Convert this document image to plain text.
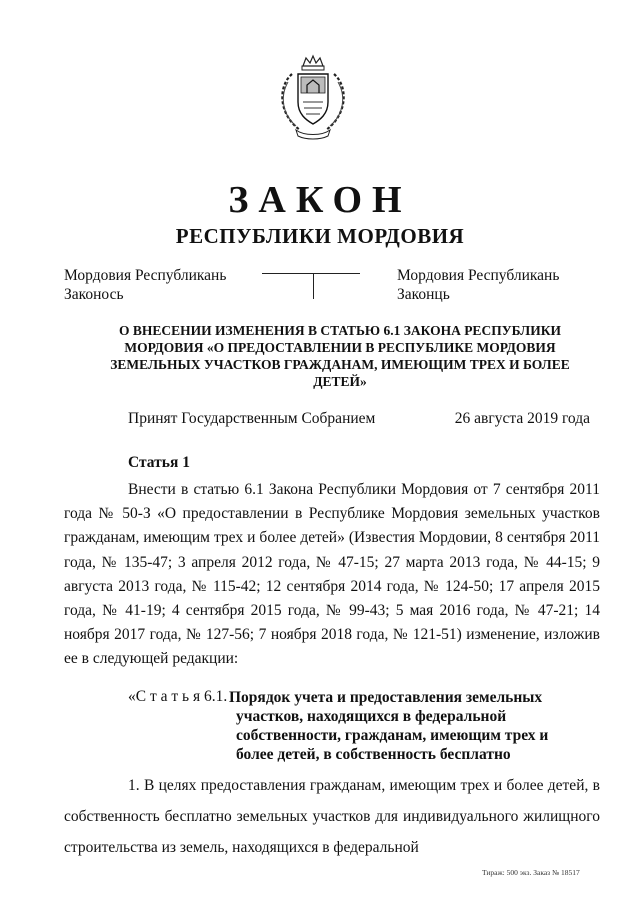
ЗАКОН
РЕСПУБЛИКИ МОРДОВИЯ
Мордовия Республикань
Законось
Мордовия Республикань
Законць
О ВНЕСЕНИИ ИЗМЕНЕНИЯ В СТАТЬЮ 6.1 ЗАКОНА РЕСПУБЛИКИ МОРДОВИЯ «О ПРЕДОСТАВЛЕНИИ В РЕСПУБЛИКЕ МОРДОВИЯ ЗЕМЕЛЬНЫХ УЧАСТКОВ ГРАЖДАНАМ, ИМЕЮЩИМ ТРЕХ И БОЛЕЕ ДЕТЕЙ»
Принят Государственным Собранием	26 августа 2019 года
Статья 1

Внести в статью 6.1 Закона Республики Мордовия от 7 сентября 2011 года № 50-З «О предоставлении в Республике Мордовия земельных участков гражданам, имеющим трех и более детей» (Известия Мордовии, 8 сентября 2011 года, № 135-47; 3 апреля 2012 года, № 47-15; 27 марта 2013 года, № 44-15; 9 августа 2013 года, № 115-42; 12 сентября 2014 года, № 124-50; 17 апреля 2015 года, № 41-19; 4 сентября 2015 года, № 99-43; 5 мая 2016 года, № 47-21; 14 ноября 2017 года, № 127-56; 7 ноября 2018 года, № 121-51) изменение, изложив ее в следующей редакции:

«С т а т ь я 6.1. Порядок учета и предоставления земельных участков, находящихся в федеральной собственности, гражданам, имеющим трех и более детей, в собственность бесплатно

1. В целях предоставления гражданам, имеющим трех и более детей, в собственность бесплатно земельных участков для индивидуального жилищного строительства из земель, находящихся в федеральной

Тираж: 500 экз. Заказ № 18517
